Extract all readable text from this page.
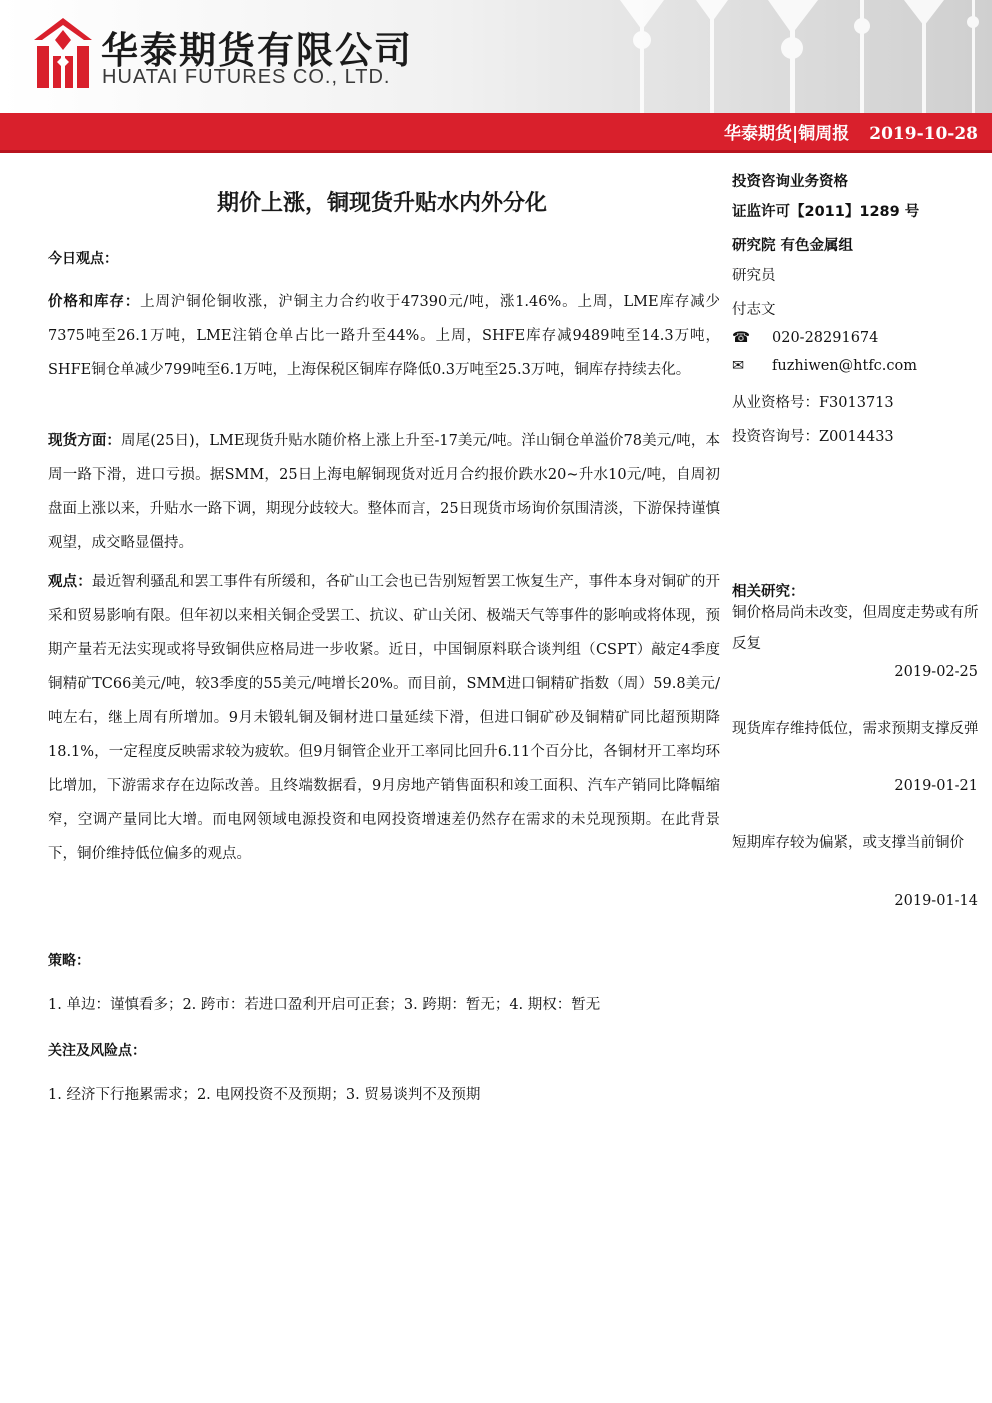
华泰期货有限公司
HUATAI FUTURES CO., LTD.
华泰期货|铜周报 2019-10-28
期价上涨，铜现货升贴水内外分化
今日观点：
价格和库存：上周沪铜伦铜收涨，沪铜主力合约收于47390元/吨，涨1.46%。上周，LME库存减少7375吨至26.1万吨，LME注销仓单占比一路升至44%。上周，SHFE库存减9489吨至14.3万吨，SHFE铜仓单减少799吨至6.1万吨，上海保税区铜库存降低0.3万吨至25.3万吨，铜库存持续去化。
现货方面：周尾(25日)，LME现货升贴水随价格上涨上升至-17美元/吨。洋山铜仓单溢价78美元/吨，本周一路下滑，进口亏损。据SMM，25日上海电解铜现货对近月合约报价跌水20~升水10元/吨，自周初盘面上涨以来，升贴水一路下调，期现分歧较大。整体而言，25日现货市场询价氛围清淡，下游保持谨慎观望，成交略显僵持。
观点：最近智利骚乱和罢工事件有所缓和，各矿山工会也已告别短暂罢工恢复生产，事件本身对铜矿的开采和贸易影响有限。但年初以来相关铜企受罢工、抗议、矿山关闭、极端天气等事件的影响或将体现，预期产量若无法实现或将导致铜供应格局进一步收紧。近日，中国铜原料联合谈判组（CSPT）敲定4季度铜精矿TC66美元/吨，较3季度的55美元/吨增长20%。而目前，SMM进口铜精矿指数（周）59.8美元/吨左右，继上周有所增加。9月未锻轧铜及铜材进口量延续下滑，但进口铜矿砂及铜精矿同比超预期降18.1%，一定程度反映需求较为疲软。但9月铜管企业开工率同比回升6.11个百分比，各铜材开工率均环比增加，下游需求存在边际改善。且终端数据看，9月房地产销售面积和竣工面积、汽车产销同比降幅缩窄，空调产量同比大增。而电网领域电源投资和电网投资增速差仍然存在需求的未兑现预期。在此背景下，铜价维持低位偏多的观点。
策略：
1. 单边：谨慎看多；2. 跨市：若进口盈利开启可正套；3. 跨期：暂无；4. 期权：暂无
关注及风险点：
1. 经济下行拖累需求；2. 电网投资不及预期；3. 贸易谈判不及预期
投资咨询业务资格
证监许可【2011】1289 号
研究院 有色金属组
研究员
付志文
☎ 020-28291674
✉ fuzhiwen@htfc.com
从业资格号：F3013713
投资咨询号：Z0014433
相关研究：
铜价格局尚未改变，但周度走势或有所反复
2019-02-25
现货库存维持低位，需求预期支撑反弹
2019-01-21
短期库存较为偏紧，或支撑当前铜价
2019-01-14
